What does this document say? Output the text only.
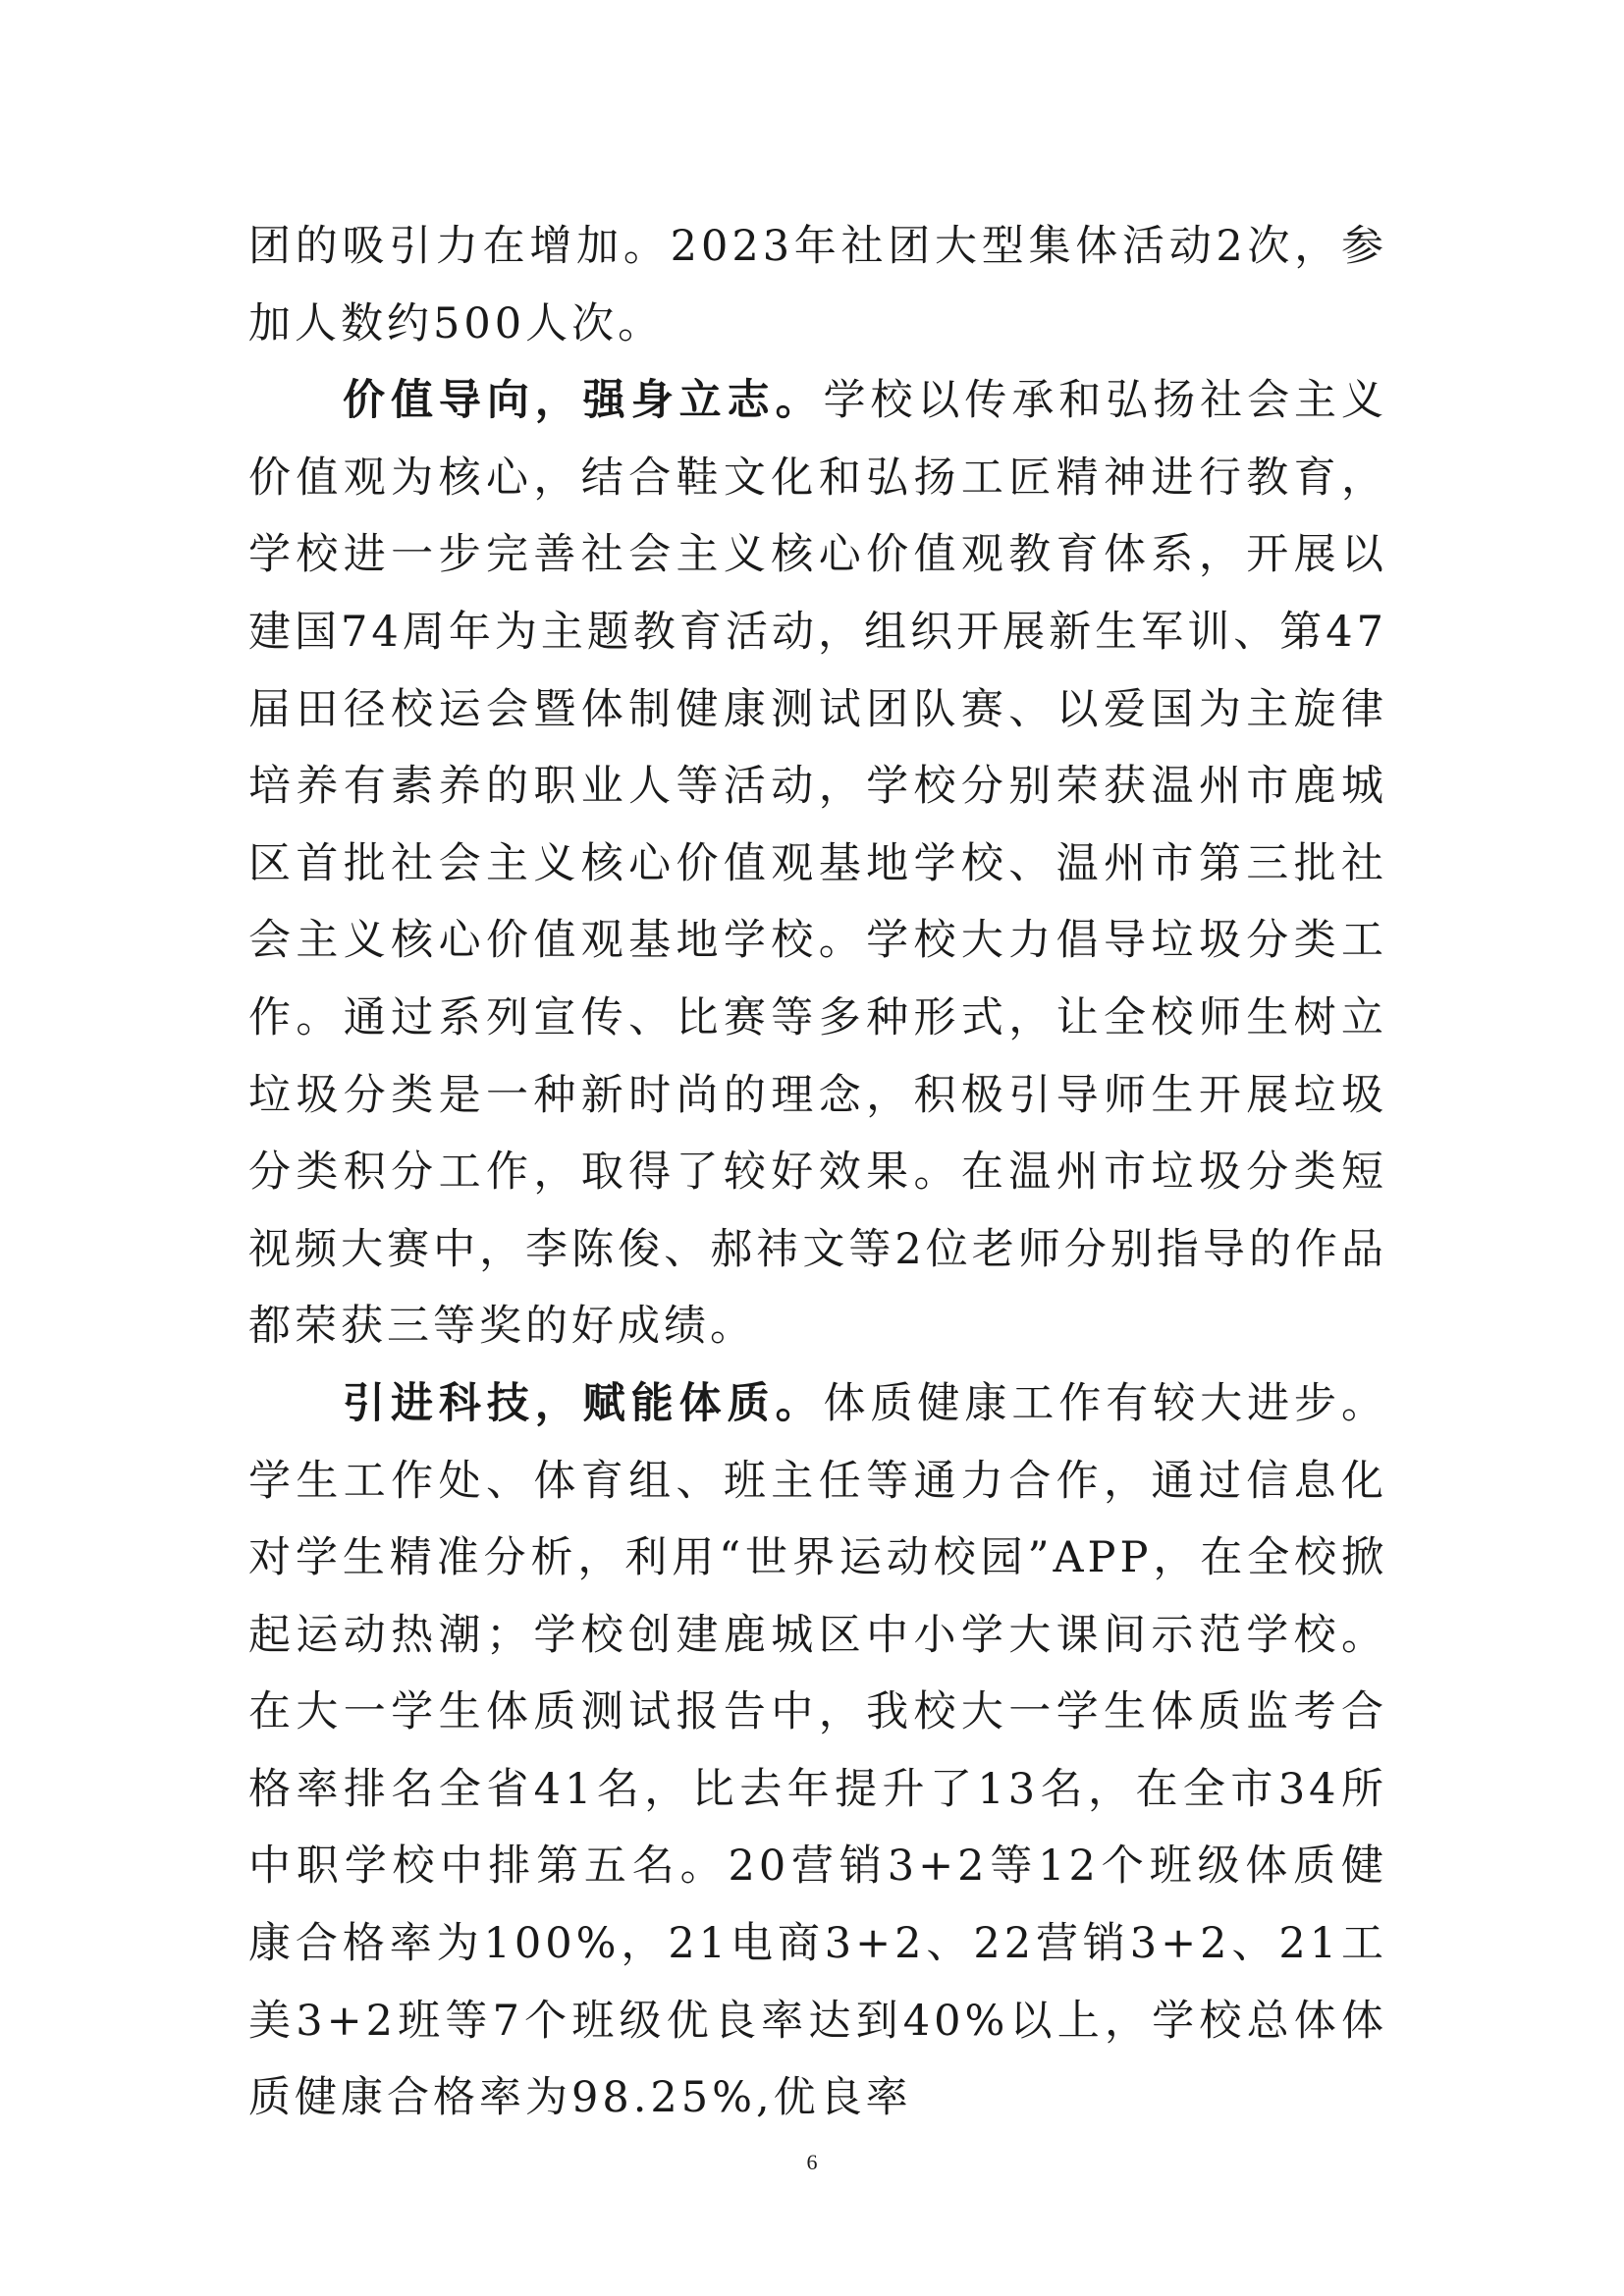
团的吸引力在增加。2023年社团大型集体活动2次，参加人数约500人次。

价值导向，强身立志。学校以传承和弘扬社会主义价值观为核心，结合鞋文化和弘扬工匠精神进行教育，学校进一步完善社会主义核心价值观教育体系，开展以建国74周年为主题教育活动，组织开展新生军训、第47届田径校运会暨体制健康测试团队赛、以爱国为主旋律培养有素养的职业人等活动，学校分别荣获温州市鹿城区首批社会主义核心价值观基地学校、温州市第三批社会主义核心价值观基地学校。学校大力倡导垃圾分类工作。通过系列宣传、比赛等多种形式，让全校师生树立垃圾分类是一种新时尚的理念，积极引导师生开展垃圾分类积分工作，取得了较好效果。在温州市垃圾分类短视频大赛中，李陈俊、郝祎文等2位老师分别指导的作品都荣获三等奖的好成绩。

引进科技，赋能体质。体质健康工作有较大进步。学生工作处、体育组、班主任等通力合作，通过信息化对学生精准分析，利用“世界运动校园”APP，在全校掀起运动热潮；学校创建鹿城区中小学大课间示范学校。在大一学生体质测试报告中，我校大一学生体质监考合格率排名全省41名，比去年提升了13名，在全市34所中职学校中排第五名。20营销3+2等12个班级体质健康合格率为100%，21电商3+2、22营销3+2、21工美3+2班等7个班级优良率达到40%以上，学校总体体质健康合格率为98.25%,优良率

6
